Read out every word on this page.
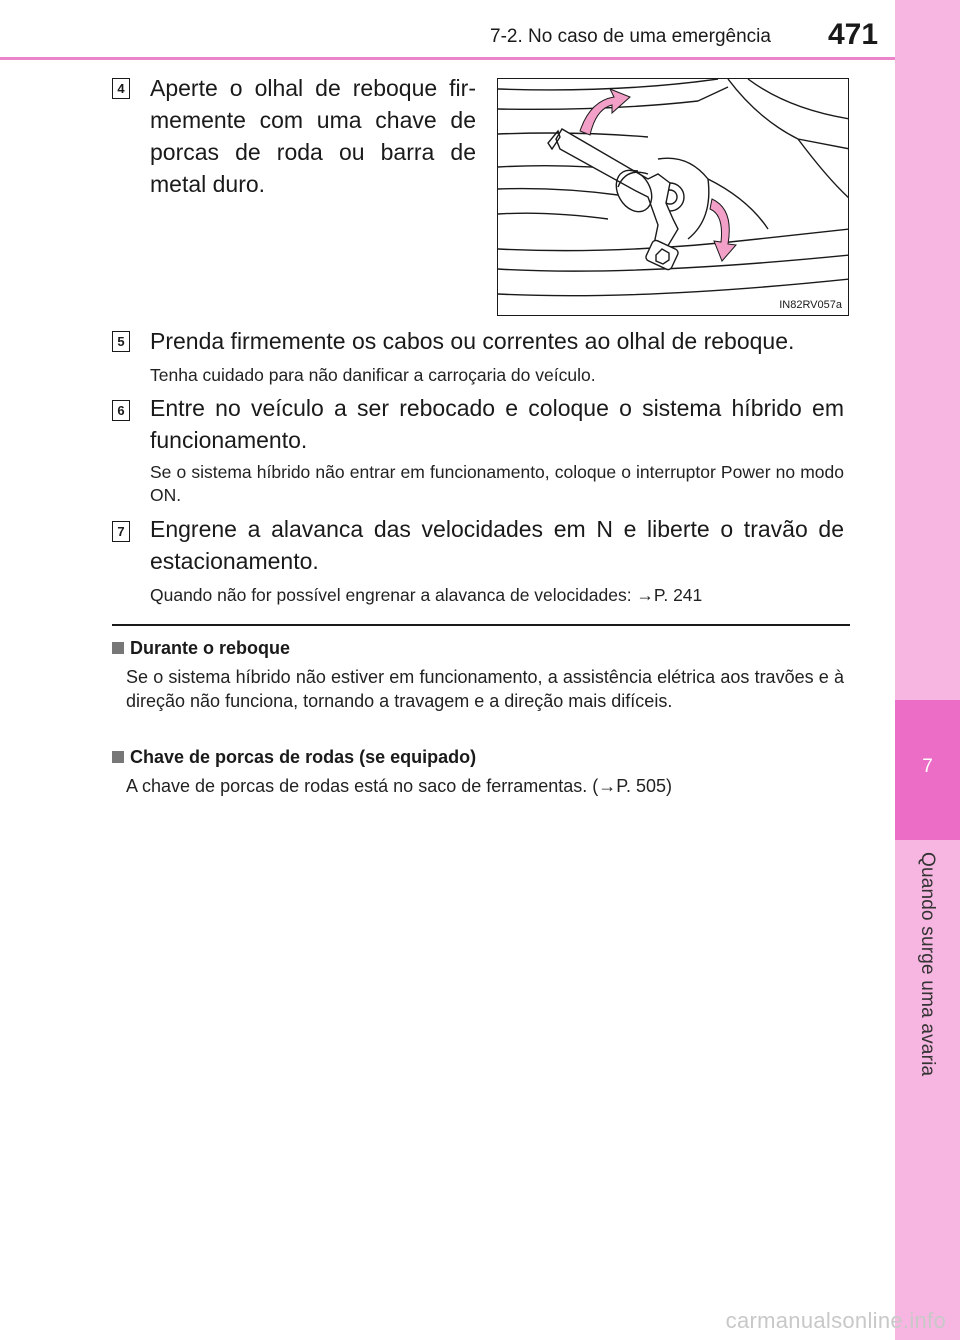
7-2. No caso de uma emergência 471
7
Quando surge uma avaria
4 Aperte o olhal de reboque fir-memente com uma chave de porcas de roda ou barra de metal duro.
IN82RV057a
5 Prenda firmemente os cabos ou correntes ao olhal de reboque.
Tenha cuidado para não danificar a carroçaria do veículo.
6 Entre no veículo a ser rebocado e coloque o sistema híbrido em funcionamento.
Se o sistema híbrido não entrar em funcionamento, coloque o interruptor Power no modo ON.
7 Engrene a alavanca das velocidades em N e liberte o travão de estacionamento.
Quando não for possível engrenar a alavanca de velocidades: →P. 241
Durante o reboque
Se o sistema híbrido não estiver em funcionamento, a assistência elétrica aos travões e à direção não funciona, tornando a travagem e a direção mais difíceis.
Chave de porcas de rodas (se equipado)
A chave de porcas de rodas está no saco de ferramentas. (→P. 505)
carmanualsonline.info
